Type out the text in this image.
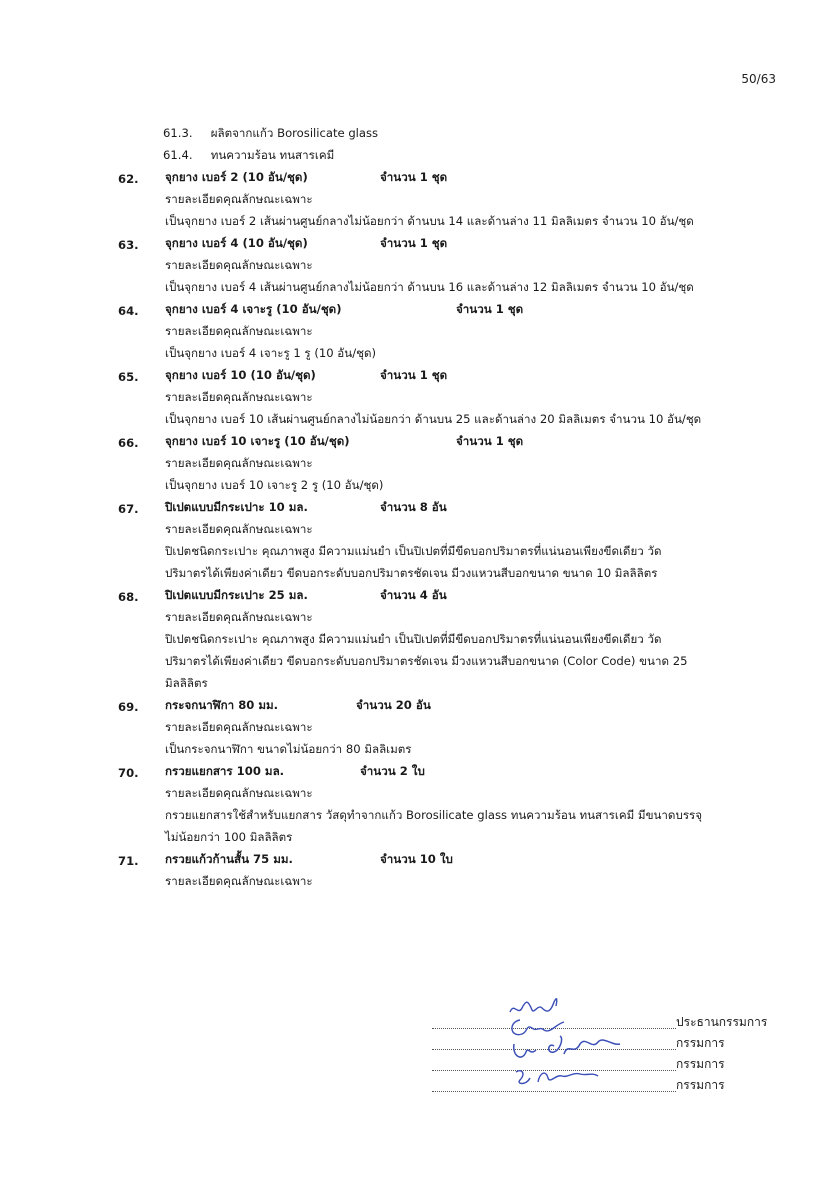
50/63
61.3. ผลิตจากแก้ว Borosilicate glass
61.4. ทนความร้อน ทนสารเคมี
62.	จุกยาง เบอร์ 2 (10 อัน/ชุด)	จำนวน 1 ชุด
รายละเอียดคุณลักษณะเฉพาะ
เป็นจุกยาง เบอร์ 2 เส้นผ่านศูนย์กลางไม่น้อยกว่า ด้านบน 14 และด้านล่าง 11 มิลลิเมตร จำนวน 10 อัน/ชุด
63.	จุกยาง เบอร์ 4 (10 อัน/ชุด)	จำนวน 1 ชุด
รายละเอียดคุณลักษณะเฉพาะ
เป็นจุกยาง เบอร์ 4 เส้นผ่านศูนย์กลางไม่น้อยกว่า ด้านบน 16 และด้านล่าง 12 มิลลิเมตร จำนวน 10 อัน/ชุด
64.	จุกยาง เบอร์ 4 เจาะรู (10 อัน/ชุด)	จำนวน 1 ชุด
รายละเอียดคุณลักษณะเฉพาะ
เป็นจุกยาง เบอร์ 4 เจาะรู 1 รู (10 อัน/ชุด)
65.	จุกยาง เบอร์ 10 (10 อัน/ชุด)	จำนวน 1 ชุด
รายละเอียดคุณลักษณะเฉพาะ
เป็นจุกยาง เบอร์ 10 เส้นผ่านศูนย์กลางไม่น้อยกว่า ด้านบน 25 และด้านล่าง 20 มิลลิเมตร จำนวน 10 อัน/ชุด
66.	จุกยาง เบอร์ 10 เจาะรู (10 อัน/ชุด)	จำนวน 1 ชุด
รายละเอียดคุณลักษณะเฉพาะ
เป็นจุกยาง เบอร์ 10 เจาะรู 2 รู (10 อัน/ชุด)
67.	ปิเปตแบบมีกระเปาะ 10 มล.	จำนวน 8 อัน
รายละเอียดคุณลักษณะเฉพาะ
ปิเปตชนิดกระเปาะ คุณภาพสูง มีความแม่นยำ เป็นปิเปตที่มีขีดบอกปริมาตรที่แน่นอนเพียงขีดเดียว วัด
ปริมาตรได้เพียงค่าเดียว ขีดบอกระดับบอกปริมาตรชัดเจน มีวงแหวนสีบอกขนาด ขนาด 10 มิลลิลิตร
68.	ปิเปตแบบมีกระเปาะ 25 มล.	จำนวน 4 อัน
รายละเอียดคุณลักษณะเฉพาะ
ปิเปตชนิดกระเปาะ คุณภาพสูง มีความแม่นยำ เป็นปิเปตที่มีขีดบอกปริมาตรที่แน่นอนเพียงขีดเดียว วัด
ปริมาตรได้เพียงค่าเดียว ขีดบอกระดับบอกปริมาตรชัดเจน มีวงแหวนสีบอกขนาด (Color Code) ขนาด 25
มิลลิลิตร
69.	กระจกนาฬิกา 80 มม.	จำนวน 20 อัน
รายละเอียดคุณลักษณะเฉพาะ
เป็นกระจกนาฬิกา ขนาดไม่น้อยกว่า 80 มิลลิเมตร
70.	กรวยแยกสาร 100 มล.	จำนวน 2 ใบ
รายละเอียดคุณลักษณะเฉพาะ
กรวยแยกสารใช้สำหรับแยกสาร วัสดุทำจากแก้ว Borosilicate glass ทนความร้อน ทนสารเคมี มีขนาดบรรจุ
ไม่น้อยกว่า 100 มิลลิลิตร
71.	กรวยแก้วก้านสั้น 75 มม.	จำนวน 10 ใบ
รายละเอียดคุณลักษณะเฉพาะ
ประธานกรรมการ
กรรมการ
กรรมการ
กรรมการ
